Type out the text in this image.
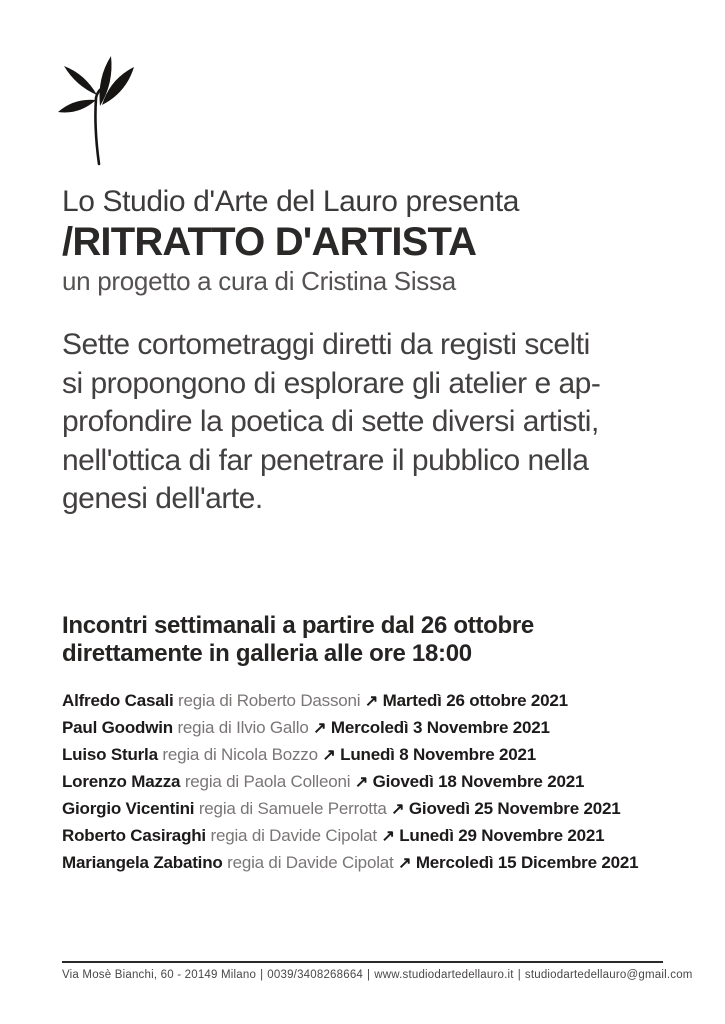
Lo Studio d'Arte del Lauro presenta
/RITRATTO D'ARTISTA
un progetto a cura di Cristina Sissa
Sette cortometraggi diretti da registi scelti
si propongono di esplorare gli atelier e ap-
profondire la poetica di sette diversi artisti,
nell'ottica di far penetrare il pubblico nella
genesi dell'arte.
Incontri settimanali a partire dal 26 ottobre
direttamente in galleria alle ore 18:00
Alfredo Casali regia di Roberto Dassoni ↗ Martedì 26 ottobre 2021
Paul Goodwin regia di Ilvio Gallo ↗ Mercoledì 3 Novembre 2021
Luiso Sturla regia di Nicola Bozzo ↗ Lunedì 8 Novembre 2021
Lorenzo Mazza regia di Paola Colleoni ↗ Giovedì 18 Novembre 2021
Giorgio Vicentini regia di Samuele Perrotta ↗ Giovedì 25 Novembre 2021
Roberto Casiraghi regia di Davide Cipolat ↗ Lunedì 29 Novembre 2021
Mariangela Zabatino regia di Davide Cipolat ↗ Mercoledì 15 Dicembre 2021
Via Mosè Bianchi, 60 - 20149 Milano | 0039/3408268664 | www.studiodartedellauro.it | studiodartedellauro@gmail.com
